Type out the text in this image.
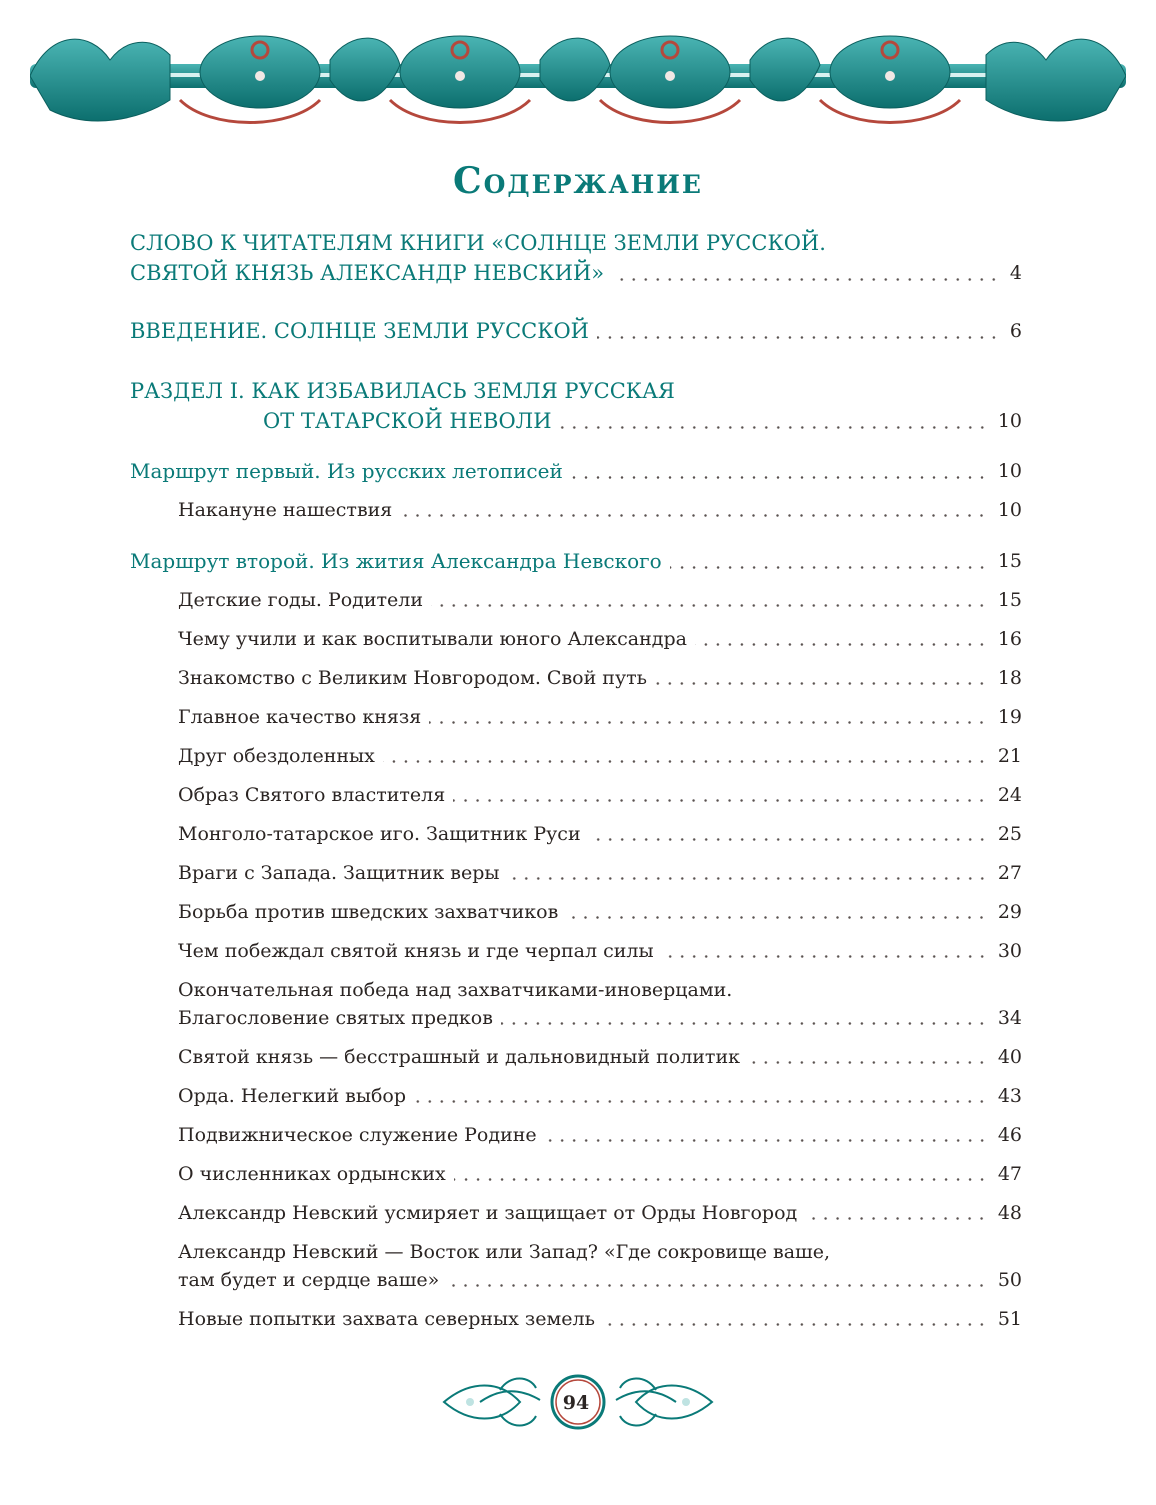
Содержание
СЛОВО К ЧИТАТЕЛЯМ КНИГИ «СОЛНЦЕ ЗЕМЛИ РУССКОЙ.
СВЯТОЙ КНЯЗЬ АЛЕКСАНДР НЕВСКИЙ»	4
ВВЕДЕНИЕ. СОЛНЦЕ ЗЕМЛИ РУССКОЙ	6
РАЗДЕЛ I. КАК ИЗБАВИЛАСЬ ЗЕМЛЯ РУССКАЯ
ОТ ТАТАРСКОЙ НЕВОЛИ	10
Маршрут первый. Из русских летописей	10
Накануне нашествия	10
Маршрут второй. Из жития Александра Невского	15
Детские годы. Родители	15
Чему учили и как воспитывали юного Александра	16
Знакомство с Великим Новгородом. Свой путь	18
Главное качество князя	19
Друг обездоленных	21
Образ Святого властителя	24
Монголо-татарское иго. Защитник Руси	25
Враги с Запада. Защитник веры	27
Борьба против шведских захватчиков	29
Чем побеждал святой князь и где черпал силы	30
Окончательная победа над захватчиками-иноверцами.
Благословение святых предков	34
Святой князь — бесстрашный и дальновидный политик	40
Орда. Нелегкий выбор	43
Подвижническое служение Родине	46
О численниках ордынских	47
Александр Невский усмиряет и защищает от Орды Новгород	48
Александр Невский — Восток или Запад? «Где сокровище ваше,
там будет и сердце ваше»	50
Новые попытки захвата северных земель	51
94
